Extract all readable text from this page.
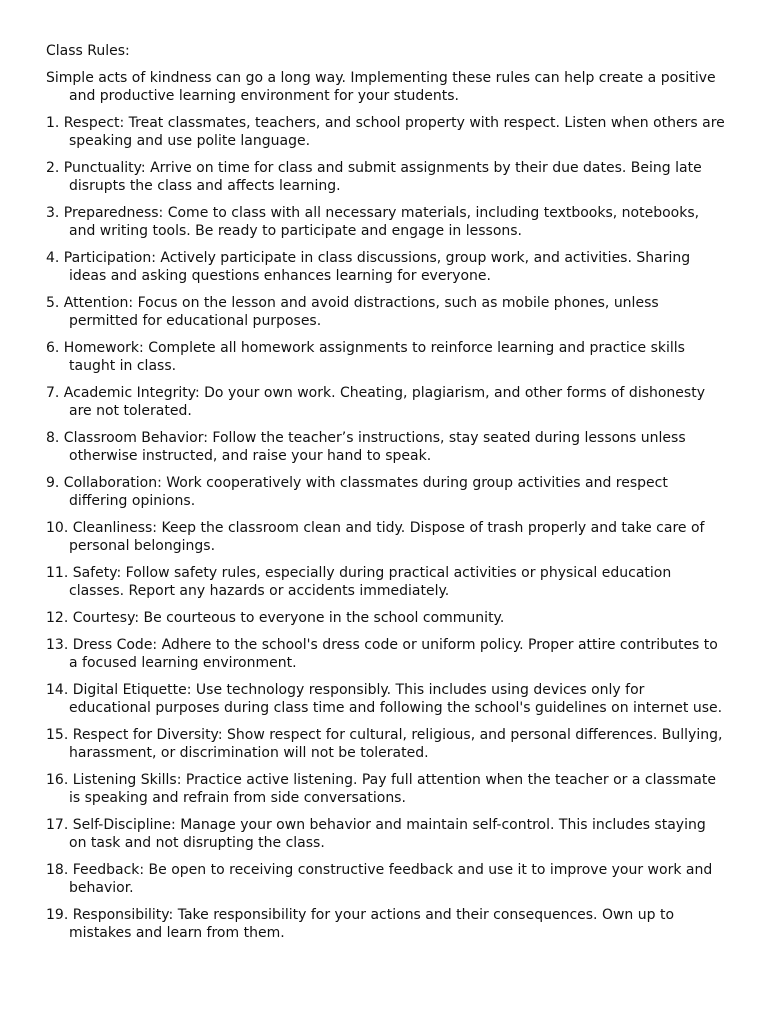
Class Rules:

Simple acts of kindness can go a long way. Implementing these rules can help create a positive and productive learning environment for your students.

1. Respect: Treat classmates, teachers, and school property with respect. Listen when others are speaking and use polite language.
2. Punctuality: Arrive on time for class and submit assignments by their due dates. Being late disrupts the class and affects learning.
3. Preparedness: Come to class with all necessary materials, including textbooks, notebooks, and writing tools. Be ready to participate and engage in lessons.
4. Participation: Actively participate in class discussions, group work, and activities. Sharing ideas and asking questions enhances learning for everyone.
5. Attention: Focus on the lesson and avoid distractions, such as mobile phones, unless permitted for educational purposes.
6. Homework: Complete all homework assignments to reinforce learning and practice skills taught in class.
7. Academic Integrity: Do your own work. Cheating, plagiarism, and other forms of dishonesty are not tolerated.
8. Classroom Behavior: Follow the teacher’s instructions, stay seated during lessons unless otherwise instructed, and raise your hand to speak.
9. Collaboration: Work cooperatively with classmates during group activities and respect differing opinions.
10. Cleanliness: Keep the classroom clean and tidy. Dispose of trash properly and take care of personal belongings.
11. Safety: Follow safety rules, especially during practical activities or physical education classes. Report any hazards or accidents immediately.
12. Courtesy: Be courteous to everyone in the school community.
13. Dress Code: Adhere to the school's dress code or uniform policy. Proper attire contributes to a focused learning environment.
14. Digital Etiquette: Use technology responsibly. This includes using devices only for educational purposes during class time and following the school's guidelines on internet use.
15. Respect for Diversity: Show respect for cultural, religious, and personal differences. Bullying, harassment, or discrimination will not be tolerated.
16. Listening Skills: Practice active listening. Pay full attention when the teacher or a classmate is speaking and refrain from side conversations.
17. Self-Discipline: Manage your own behavior and maintain self-control. This includes staying on task and not disrupting the class.
18. Feedback: Be open to receiving constructive feedback and use it to improve your work and behavior.
19. Responsibility: Take responsibility for your actions and their consequences. Own up to mistakes and learn from them.
